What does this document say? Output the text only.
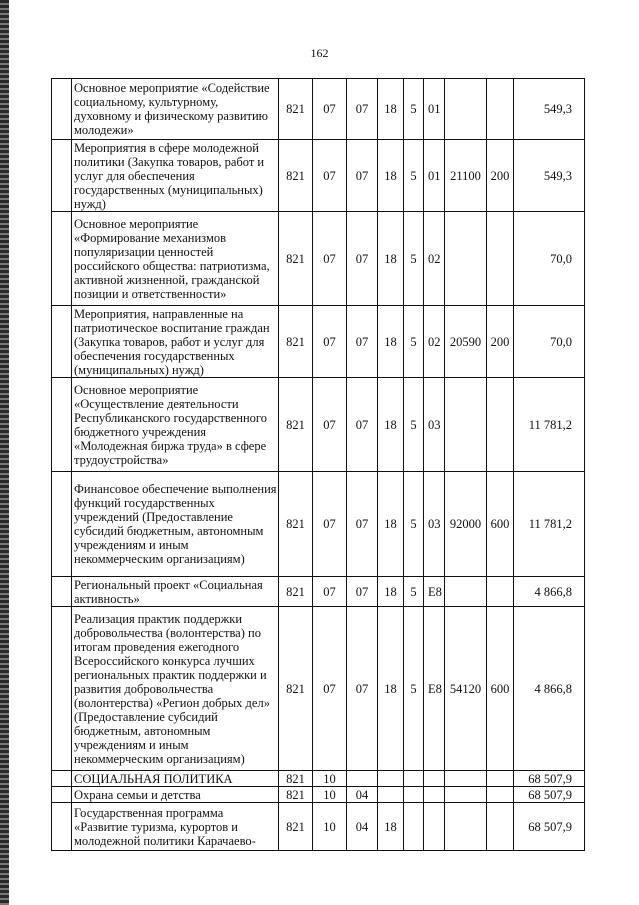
162
	Основное мероприятие «Содействие социальному, культурному, духовному и физическому развитию молодежи»	821	07	07	18	5	01			549,3
	Мероприятия в сфере молодежной политики (Закупка товаров, работ и услуг для обеспечения государственных (муниципальных) нужд)	821	07	07	18	5	01	21100	200	549,3
	Основное мероприятие «Формирование механизмов популяризации ценностей российского общества: патриотизма, активной жизненной, гражданской позиции и ответственности»	821	07	07	18	5	02			70,0
	Мероприятия, направленные на патриотическое воспитание граждан (Закупка товаров, работ и услуг для обеспечения государственных (муниципальных) нужд)	821	07	07	18	5	02	20590	200	70,0
	Основное мероприятие «Осуществление деятельности Республиканского государственного бюджетного учреждения «Молодежная биржа труда» в сфере трудоустройства»	821	07	07	18	5	03			11 781,2
	Финансовое обеспечение выполнения функций государственных учреждений (Предоставление субсидий бюджетным, автономным учреждениям и иным некоммерческим организациям)	821	07	07	18	5	03	92000	600	11 781,2
	Региональный проект «Социальная активность»	821	07	07	18	5	E8			4 866,8
	Реализация практик поддержки добровольчества (волонтерства) по итогам проведения ежегодного Всероссийского конкурса лучших региональных практик поддержки и развития добровольчества (волонтерства) «Регион добрых дел» (Предоставление субсидий бюджетным, автономным учреждениям и иным некоммерческим организациям)	821	07	07	18	5	E8	54120	600	4 866,8
	СОЦИАЛЬНАЯ ПОЛИТИКА	821	10							68 507,9
	Охрана семьи и детства	821	10	04						68 507,9
	Государственная программа «Развитие туризма, курортов и молодежной политики Карачаево-	821	10	04	18					68 507,9
